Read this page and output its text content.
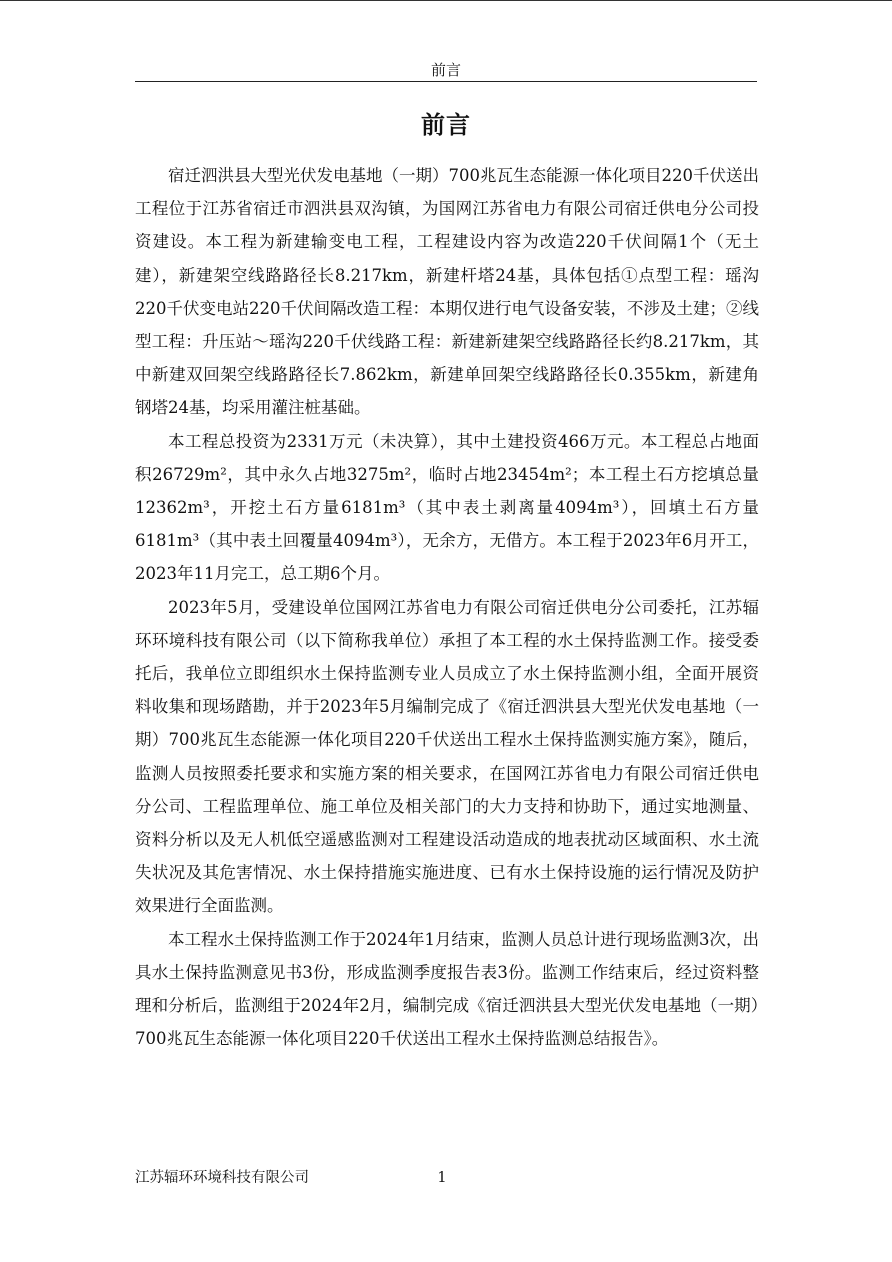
前言
前言

宿迁泗洪县大型光伏发电基地（一期）700兆瓦生态能源一体化项目220千伏送出工程位于江苏省宿迁市泗洪县双沟镇，为国网江苏省电力有限公司宿迁供电分公司投资建设。本工程为新建输变电工程，工程建设内容为改造220千伏间隔1个（无土建），新建架空线路路径长8.217km，新建杆塔24基，具体包括①点型工程：瑶沟220千伏变电站220千伏间隔改造工程：本期仅进行电气设备安装，不涉及土建；②线型工程：升压站～瑶沟220千伏线路工程：新建新建架空线路路径长约8.217km，其中新建双回架空线路路径长7.862km，新建单回架空线路路径长0.355km，新建角钢塔24基，均采用灌注桩基础。

本工程总投资为2331万元（未决算），其中土建投资466万元。本工程总占地面积26729m²，其中永久占地3275m²，临时占地23454m²；本工程土石方挖填总量12362m³，开挖土石方量6181m³（其中表土剥离量4094m³），回填土石方量6181m³（其中表土回覆量4094m³），无余方，无借方。本工程于2023年6月开工，2023年11月完工，总工期6个月。

2023年5月，受建设单位国网江苏省电力有限公司宿迁供电分公司委托，江苏辐环环境科技有限公司（以下简称我单位）承担了本工程的水土保持监测工作。接受委托后，我单位立即组织水土保持监测专业人员成立了水土保持监测小组，全面开展资料收集和现场踏勘，并于2023年5月编制完成了《宿迁泗洪县大型光伏发电基地（一期）700兆瓦生态能源一体化项目220千伏送出工程水土保持监测实施方案》，随后，监测人员按照委托要求和实施方案的相关要求，在国网江苏省电力有限公司宿迁供电分公司、工程监理单位、施工单位及相关部门的大力支持和协助下，通过实地测量、资料分析以及无人机低空遥感监测对工程建设活动造成的地表扰动区域面积、水土流失状况及其危害情况、水土保持措施实施进度、已有水土保持设施的运行情况及防护效果进行全面监测。

本工程水土保持监测工作于2024年1月结束，监测人员总计进行现场监测3次，出具水土保持监测意见书3份，形成监测季度报告表3份。监测工作结束后，经过资料整理和分析后，监测组于2024年2月，编制完成《宿迁泗洪县大型光伏发电基地（一期）700兆瓦生态能源一体化项目220千伏送出工程水土保持监测总结报告》。

江苏辐环环境科技有限公司	1
